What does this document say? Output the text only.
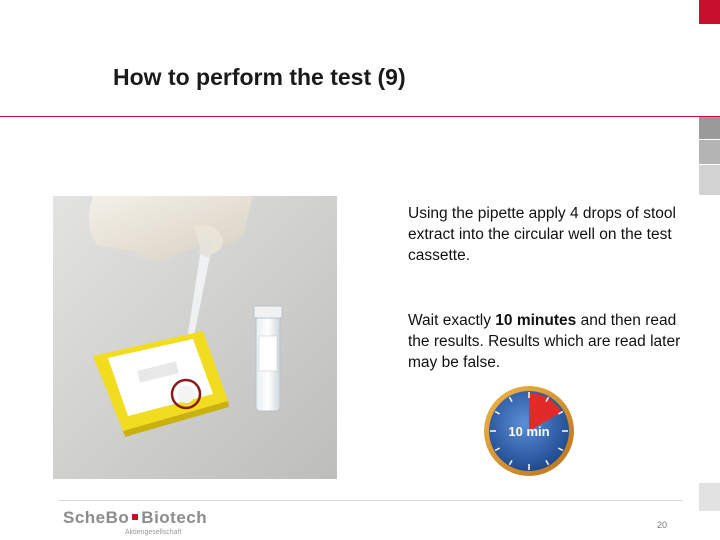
How to perform the test (9)
Using the pipette apply 4 drops of stool extract into the circular well on the test cassette.
Wait exactly 10 minutes and then read the results. Results which are read later may be false.
10 min
ScheBo Biotech
Aktiengesellschaft
20
